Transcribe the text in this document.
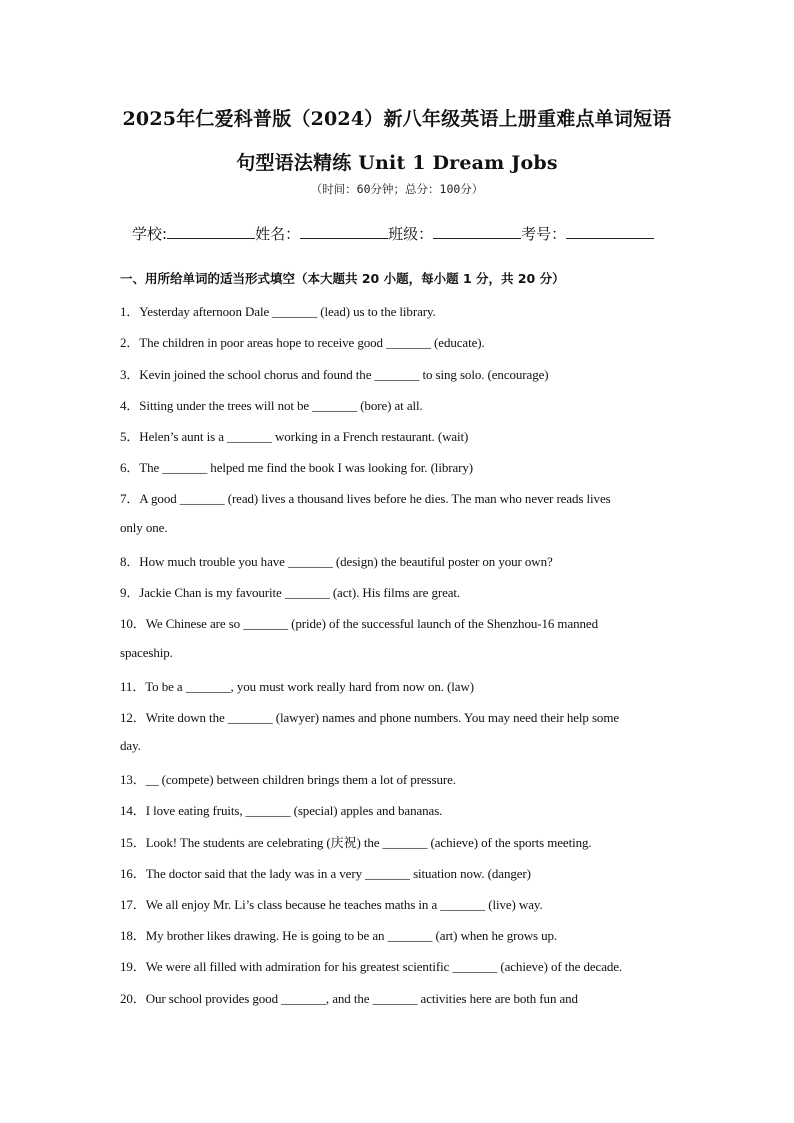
2025年仁爱科普版（2024）新八年级英语上册重难点单词短语
句型语法精练 Unit 1 Dream Jobs
（时间：60分钟；总分：100分）
学校:	姓名：	班级：	考号：
一、用所给单词的适当形式填空（本大题共 20 小题，每小题 1 分，共 20 分）
1．Yesterday afternoon Dale _______ (lead) us to the library.
2．The children in poor areas hope to receive good _______ (educate).
3．Kevin joined the school chorus and found the _______ to sing solo. (encourage)
4．Sitting under the trees will not be _______ (bore) at all.
5．Helen’s aunt is a _______ working in a French restaurant. (wait)
6．The _______ helped me find the book I was looking for. (library)
7．A good _______ (read) lives a thousand lives before he dies. The man who never reads lives
only one.
8．How much trouble you have _______ (design) the beautiful poster on your own?
9．Jackie Chan is my favourite _______ (act). His films are great.
10．We Chinese are so _______ (pride) of the successful launch of the Shenzhou-16 manned
spaceship.
11．To be a _______, you must work really hard from now on. (law)
12．Write down the _______ (lawyer) names and phone numbers. You may need their help some
day.
13．__ (compete) between children brings them a lot of pressure.
14．I love eating fruits, _______ (special) apples and bananas.
15．Look! The students are celebrating (庆祝) the _______ (achieve) of the sports meeting.
16．The doctor said that the lady was in a very _______ situation now. (danger)
17．We all enjoy Mr. Li’s class because he teaches maths in a _______ (live) way.
18．My brother likes drawing. He is going to be an _______ (art) when he grows up.
19．We were all filled with admiration for his greatest scientific _______ (achieve) of the decade.
20．Our school provides good _______, and the _______ activities here are both fun and
